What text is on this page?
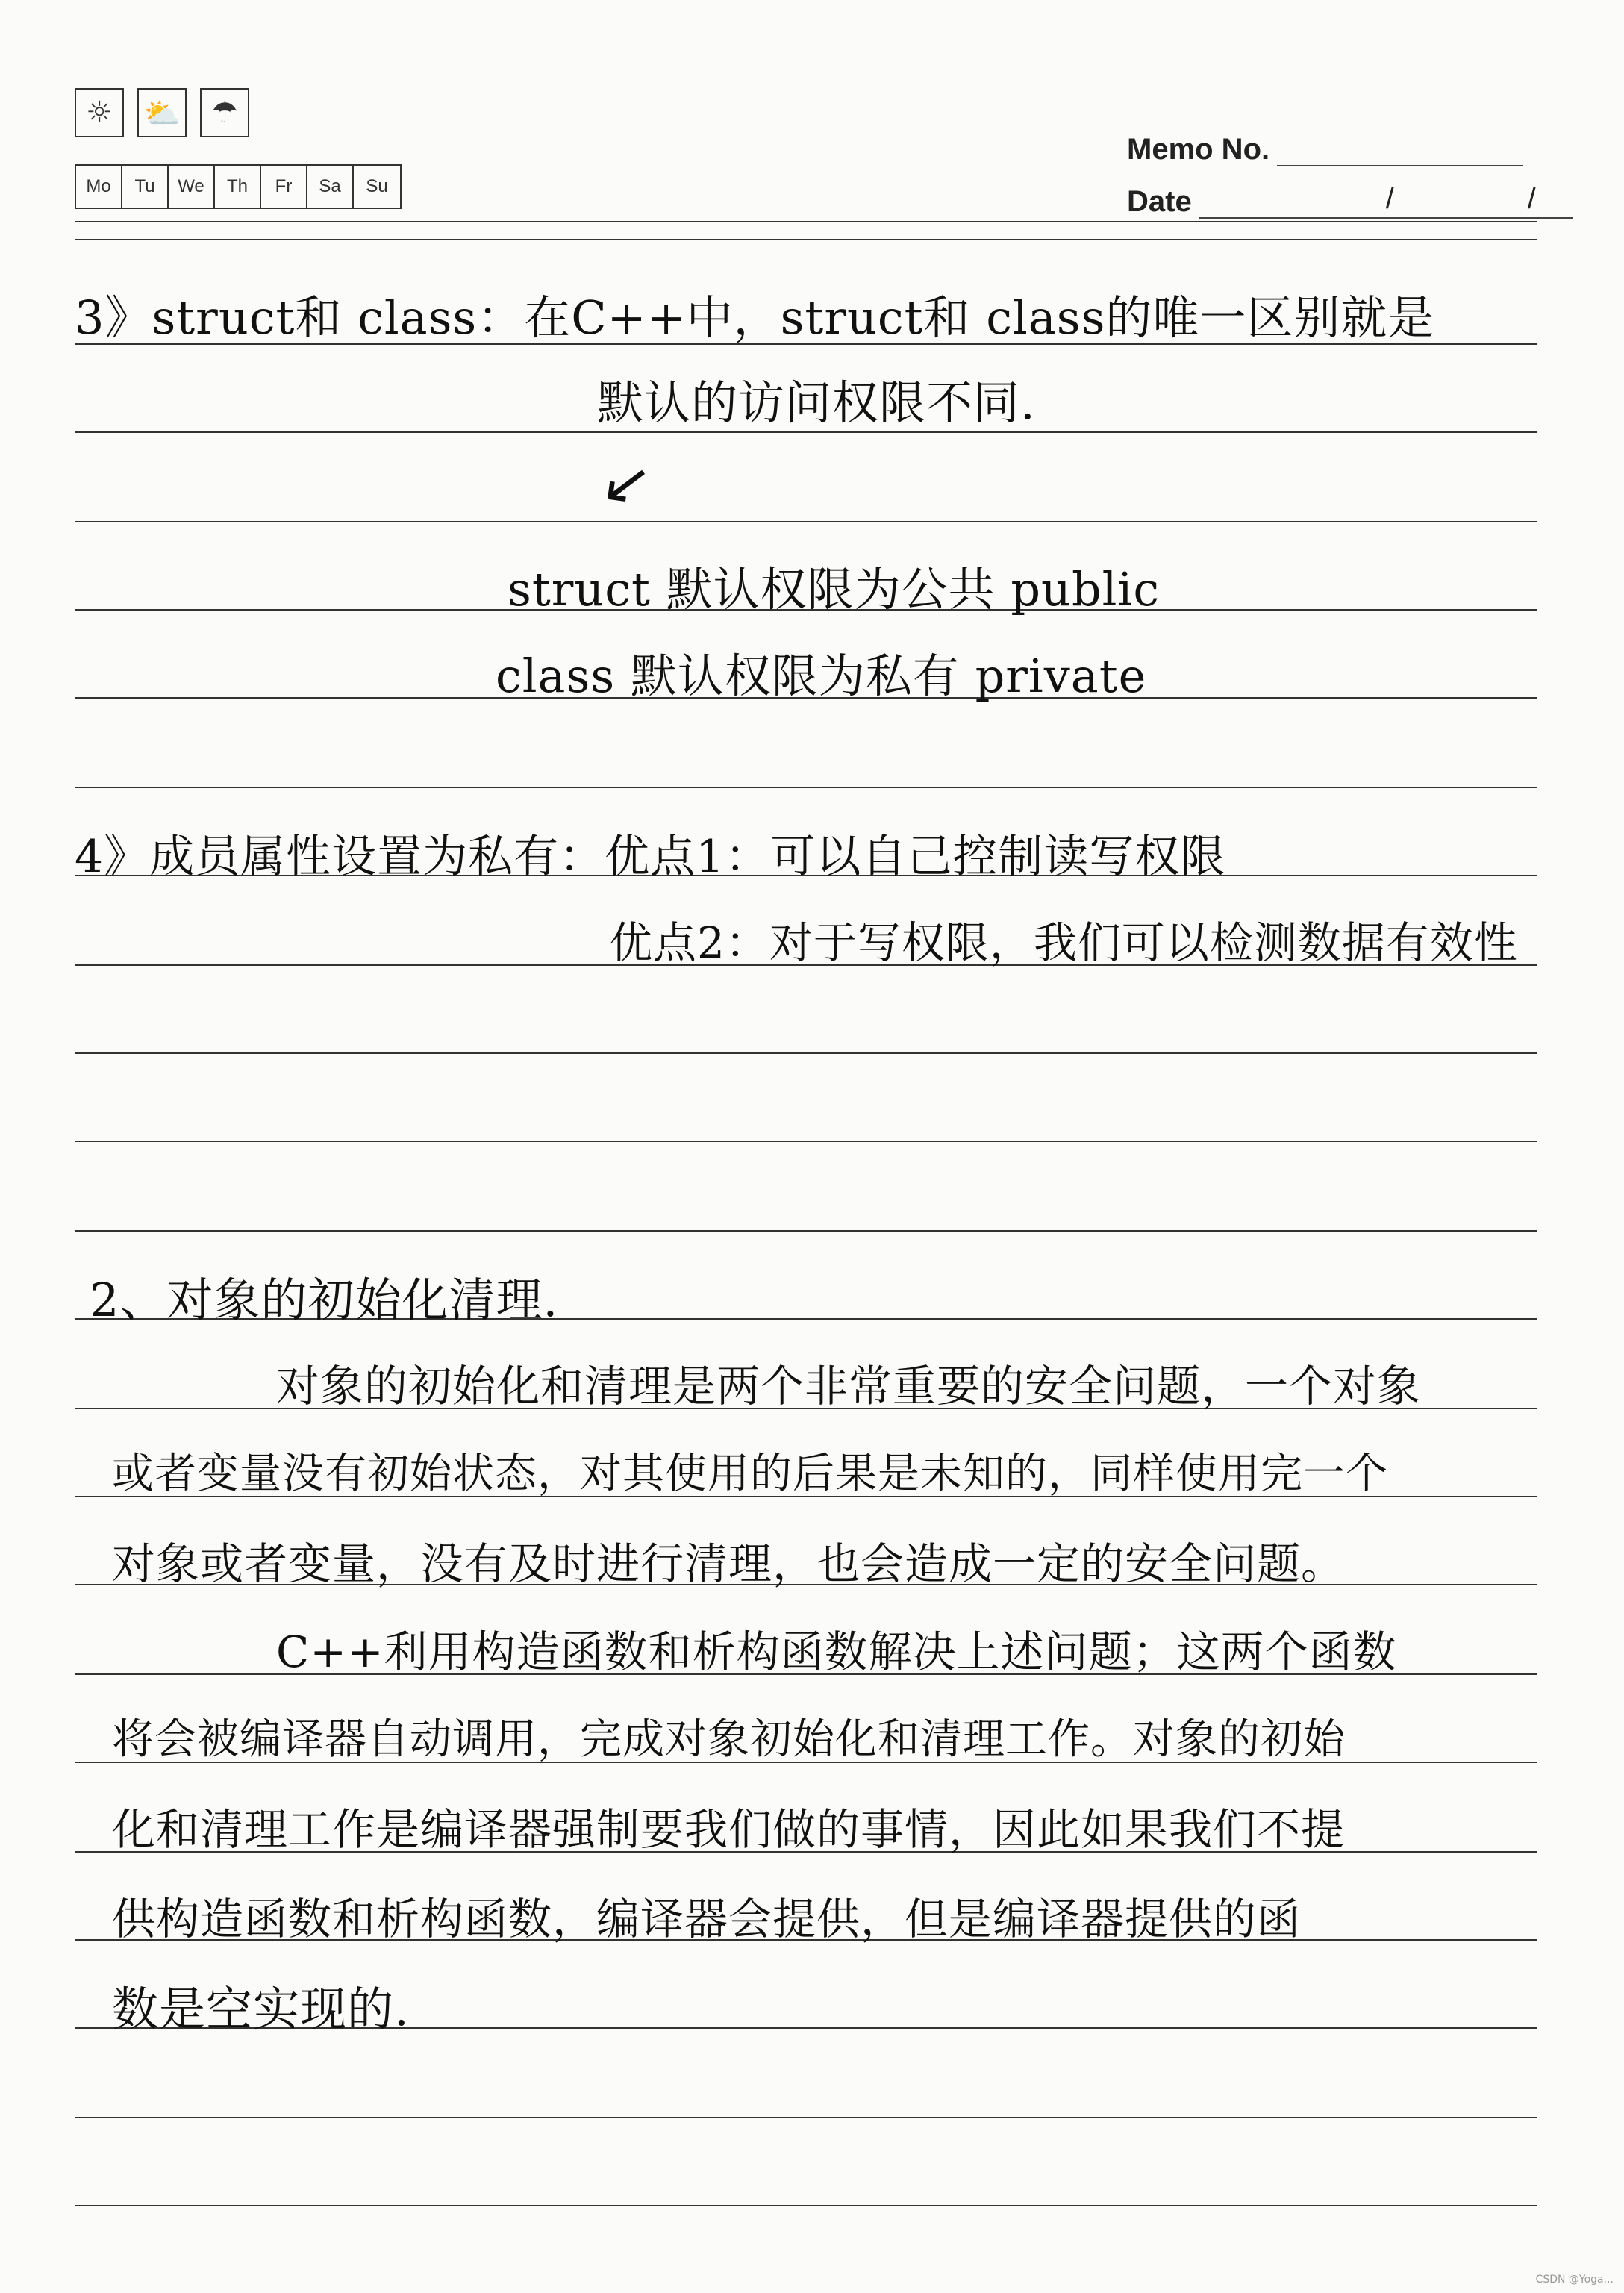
☼	⛅	☂
Mo	Tu	We	Th	Fr	Sa	Su
Memo No.
Date	/	/
3》struct和 class：在C++中，struct和 class的唯一区别就是
默认的访问权限不同.
↙
struct 默认权限为公共 public
class 默认权限为私有 private
4》成员属性设置为私有：优点1：可以自己控制读写权限
优点2：对于写权限，我们可以检测数据有效性
2、对象的初始化清理.
对象的初始化和清理是两个非常重要的安全问题，一个对象
或者变量没有初始状态，对其使用的后果是未知的，同样使用完一个
对象或者变量，没有及时进行清理，也会造成一定的安全问题。
C++利用构造函数和析构函数解决上述问题；这两个函数
将会被编译器自动调用，完成对象初始化和清理工作。对象的初始
化和清理工作是编译器强制要我们做的事情，因此如果我们不提
供构造函数和析构函数，编译器会提供，但是编译器提供的函
数是空实现的.
CSDN @Yoga...
